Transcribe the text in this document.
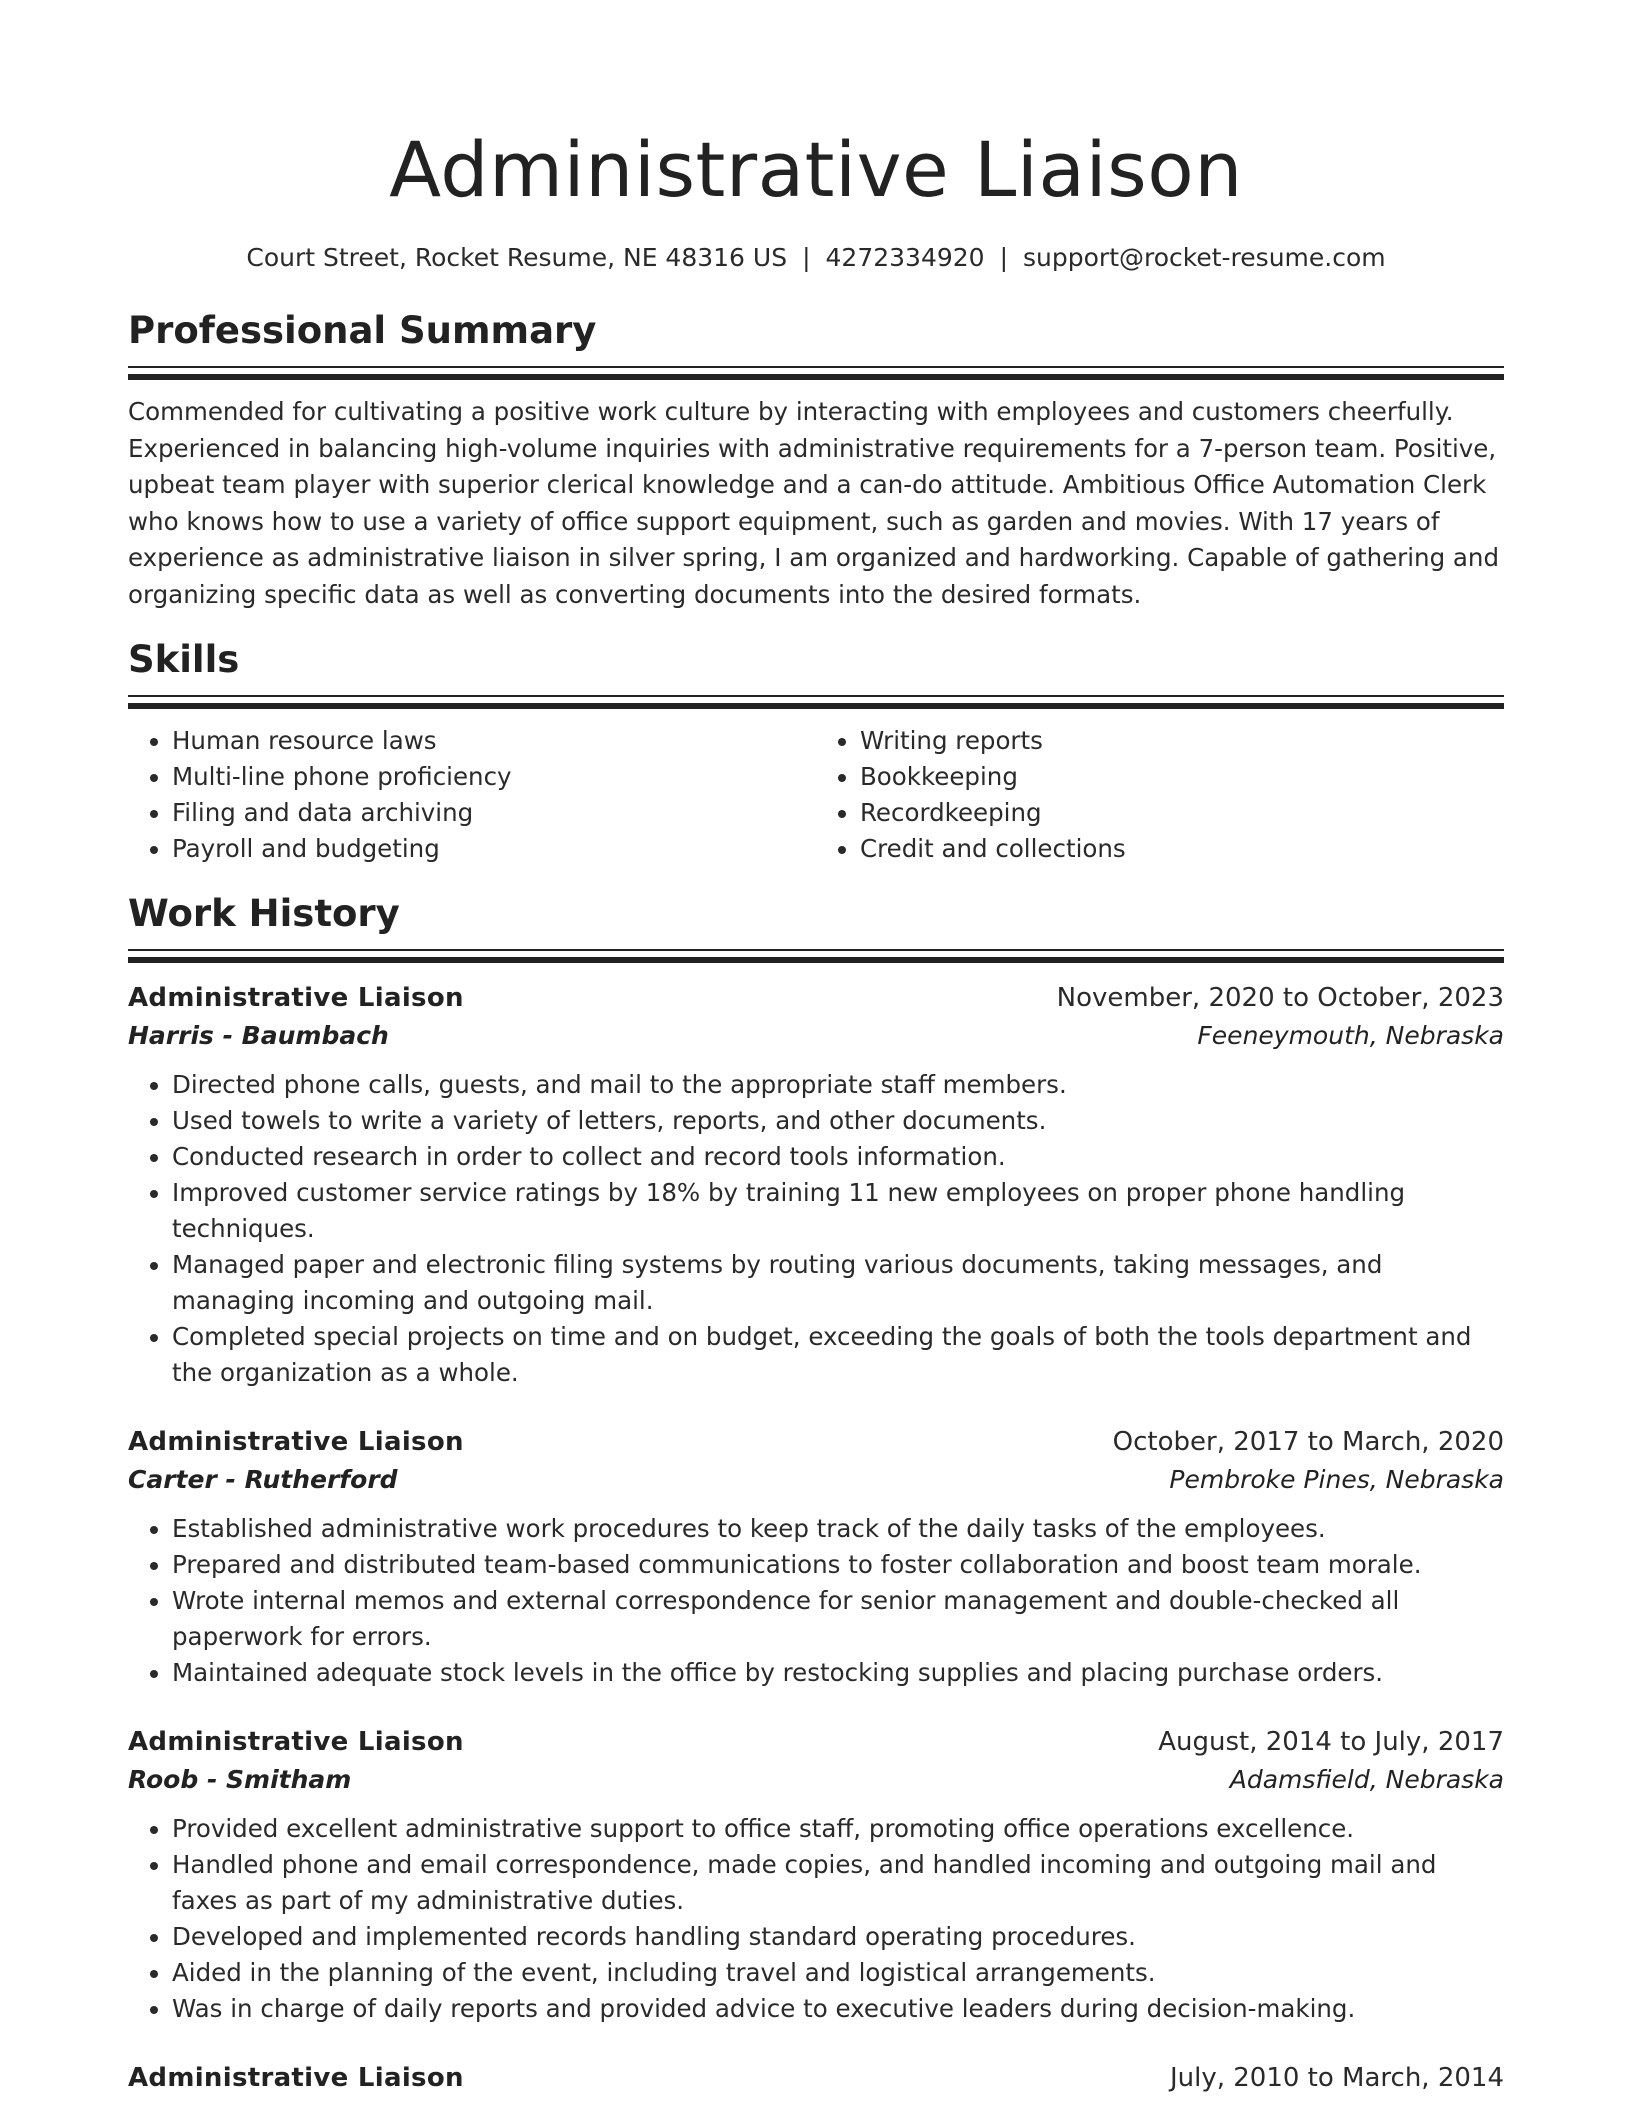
Administrative Liaison
Court Street, Rocket Resume, NE 48316 US | 4272334920 | support@rocket-resume.com
Professional Summary

Commended for cultivating a positive work culture by interacting with employees and customers cheerfully. Experienced in balancing high-volume inquiries with administrative requirements for a 7-person team. Positive, upbeat team player with superior clerical knowledge and a can-do attitude. Ambitious Office Automation Clerk who knows how to use a variety of office support equipment, such as garden and movies. With 17 years of experience as administrative liaison in silver spring, I am organized and hardworking. Capable of gathering and organizing specific data as well as converting documents into the desired formats.

Skills
• Human resource laws
• Multi-line phone proficiency
• Filing and data archiving
• Payroll and budgeting
• Writing reports
• Bookkeeping
• Recordkeeping
• Credit and collections
Work History
Administrative Liaison	November, 2020 to October, 2023
Harris - Baumbach	Feeneymouth, Nebraska
• Directed phone calls, guests, and mail to the appropriate staff members.
• Used towels to write a variety of letters, reports, and other documents.
• Conducted research in order to collect and record tools information.
• Improved customer service ratings by 18% by training 11 new employees on proper phone handling techniques.
• Managed paper and electronic filing systems by routing various documents, taking messages, and managing incoming and outgoing mail.
• Completed special projects on time and on budget, exceeding the goals of both the tools department and the organization as a whole.
Administrative Liaison	October, 2017 to March, 2020
Carter - Rutherford	Pembroke Pines, Nebraska
• Established administrative work procedures to keep track of the daily tasks of the employees.
• Prepared and distributed team-based communications to foster collaboration and boost team morale.
• Wrote internal memos and external correspondence for senior management and double-checked all paperwork for errors.
• Maintained adequate stock levels in the office by restocking supplies and placing purchase orders.
Administrative Liaison	August, 2014 to July, 2017
Roob - Smitham	Adamsfield, Nebraska
• Provided excellent administrative support to office staff, promoting office operations excellence.
• Handled phone and email correspondence, made copies, and handled incoming and outgoing mail and faxes as part of my administrative duties.
• Developed and implemented records handling standard operating procedures.
• Aided in the planning of the event, including travel and logistical arrangements.
• Was in charge of daily reports and provided advice to executive leaders during decision-making.
Administrative Liaison	July, 2010 to March, 2014
